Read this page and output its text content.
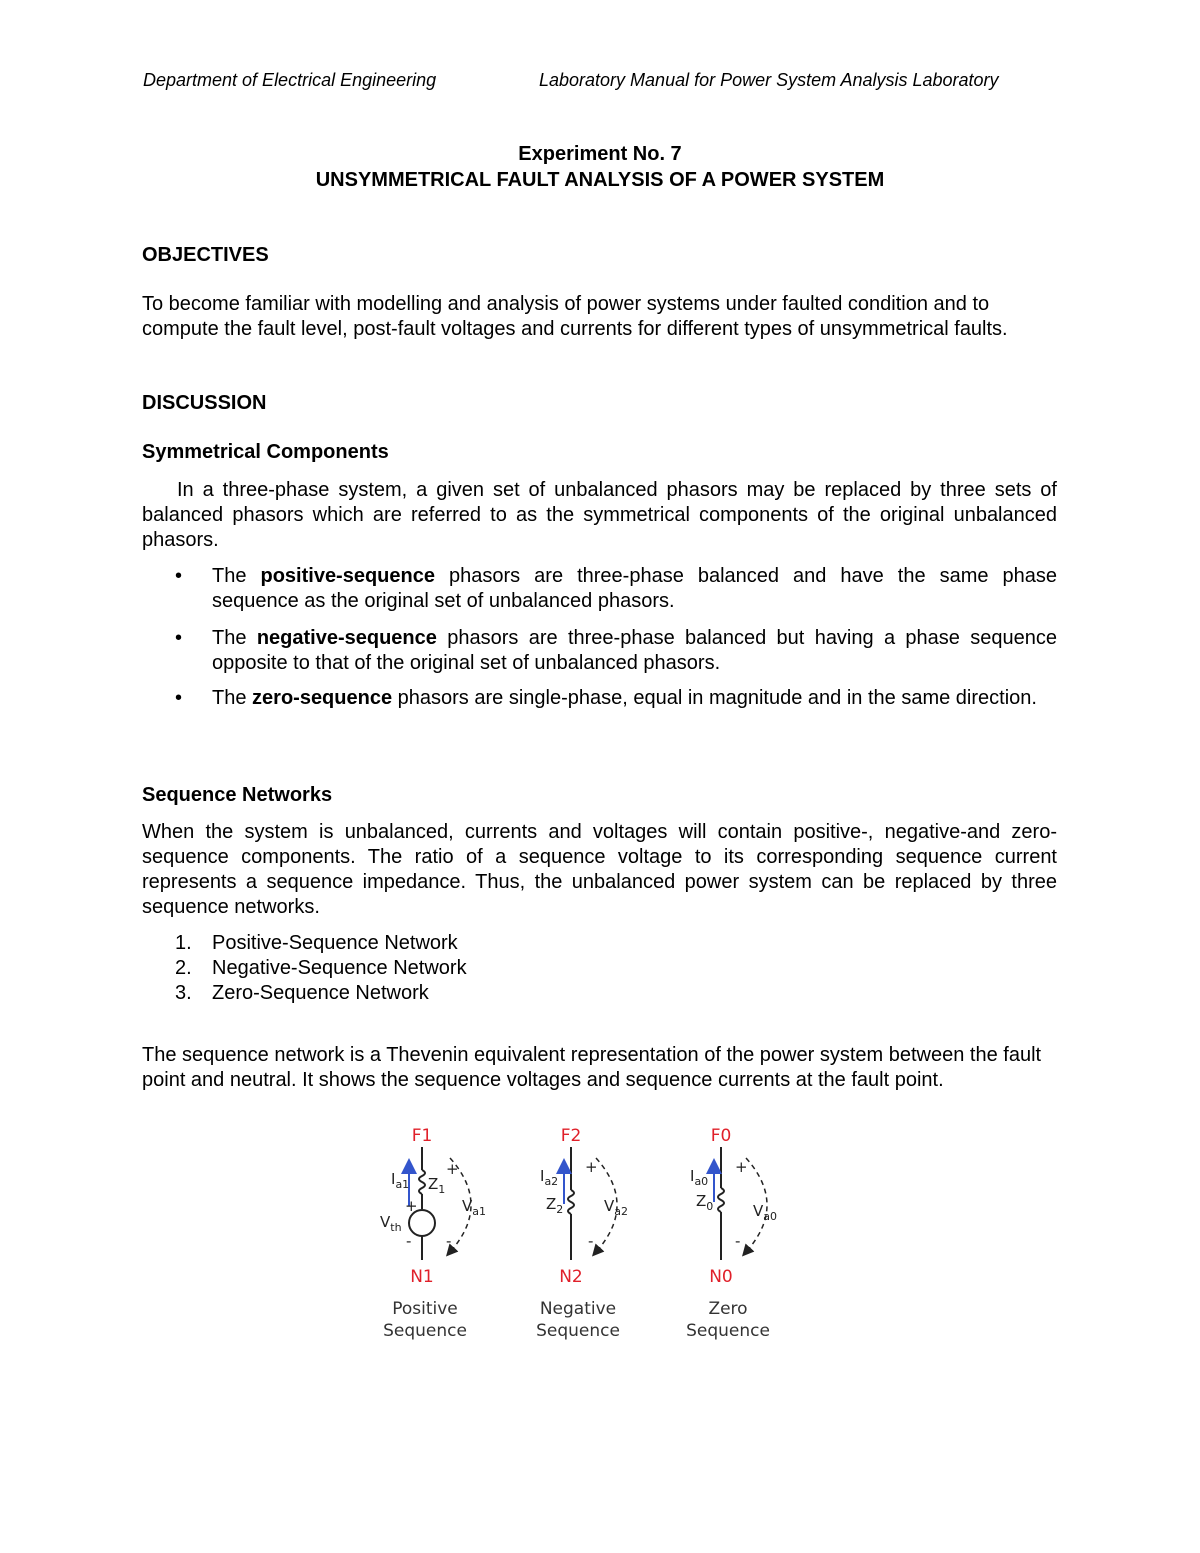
Department of Electrical Engineering	Laboratory Manual for Power System Analysis Laboratory
Experiment No. 7
UNSYMMETRICAL FAULT ANALYSIS OF A POWER SYSTEM
OBJECTIVES
To become familiar with modelling and analysis of power systems under faulted condition and to compute the fault level, post-fault voltages and currents for different types of unsymmetrical faults.
DISCUSSION
Symmetrical Components
In a three-phase system, a given set of unbalanced phasors may be replaced by three sets of balanced phasors which are referred to as the symmetrical components of the original unbalanced phasors.
• The positive-sequence phasors are three-phase balanced and have the same phase sequence as the original set of unbalanced phasors.
• The negative-sequence phasors are three-phase balanced but having a phase sequence opposite to that of the original set of unbalanced phasors.
• The zero-sequence phasors are single-phase, equal in magnitude and in the same direction.
Sequence Networks
When the system is unbalanced, currents and voltages will contain positive-, negative-and zero-sequence components. The ratio of a sequence voltage to its corresponding sequence current represents a sequence impedance. Thus, the unbalanced power system can be replaced by three sequence networks.
1. Positive-Sequence Network
2. Negative-Sequence Network
3. Zero-Sequence Network
The sequence network is a Thevenin equivalent representation of the power system between the fault point and neutral. It shows the sequence voltages and sequence currents at the fault point.
F1
$I_{a1}$ $Z_1$
+
+	$V_{a1}$
$V_{th}$
- -
N1
Positive
Sequence
F2
$I_{a2}$
$Z_2$
+
$V_{a2}$
-
N2
Negative
Sequence
F0
$I_{a0}$
$Z_0$
+
$V_{a0}$
-
N0
Zero
Sequence
